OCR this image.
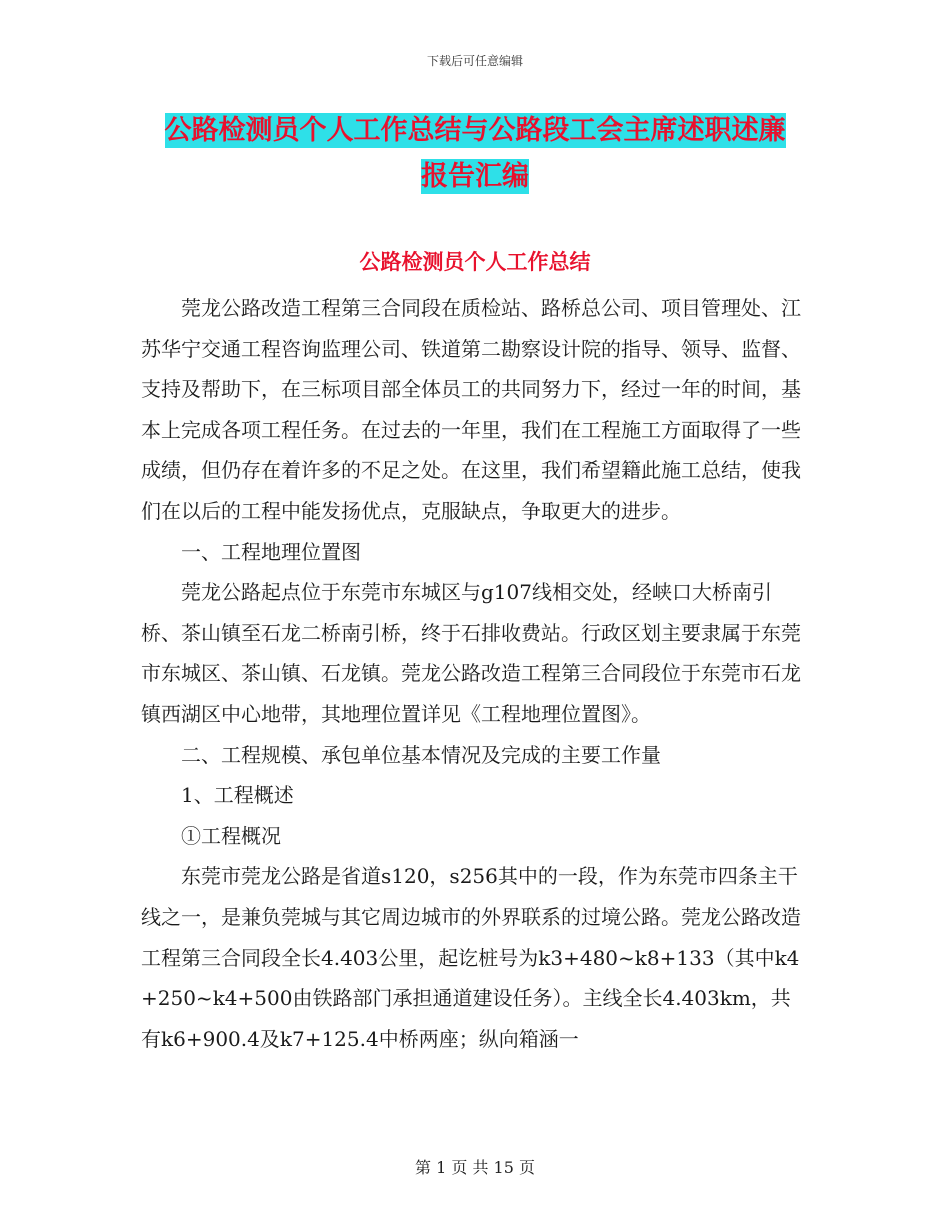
下载后可任意编辑
公路检测员个人工作总结与公路段工会主席述职述廉
报告汇编
公路检测员个人工作总结

莞龙公路改造工程第三合同段在质检站、路桥总公司、项目管理处、江苏华宁交通工程咨询监理公司、铁道第二勘察设计院的指导、领导、监督、支持及帮助下，在三标项目部全体员工的共同努力下，经过一年的时间，基本上完成各项工程任务。在过去的一年里，我们在工程施工方面取得了一些成绩，但仍存在着许多的不足之处。在这里，我们希望籍此施工总结，使我们在以后的工程中能发扬优点，克服缺点，争取更大的进步。

一、工程地理位置图

莞龙公路起点位于东莞市东城区与g107线相交处，经峡口大桥南引桥、茶山镇至石龙二桥南引桥，终于石排收费站。行政区划主要隶属于东莞市东城区、茶山镇、石龙镇。莞龙公路改造工程第三合同段位于东莞市石龙镇西湖区中心地带，其地理位置详见《工程地理位置图》。

二、工程规模、承包单位基本情况及完成的主要工作量

1、工程概述

①工程概况

东莞市莞龙公路是省道s120，s256其中的一段，作为东莞市四条主干线之一，是兼负莞城与其它周边城市的外界联系的过境公路。莞龙公路改造工程第三合同段全长4.403公里，起讫桩号为k3+480~k8+133（其中k4+250~k4+500由铁路部门承担通道建设任务）。主线全长4.403km，共有k6+900.4及k7+125.4中桥两座；纵向箱涵一

第 1 页 共 15 页
